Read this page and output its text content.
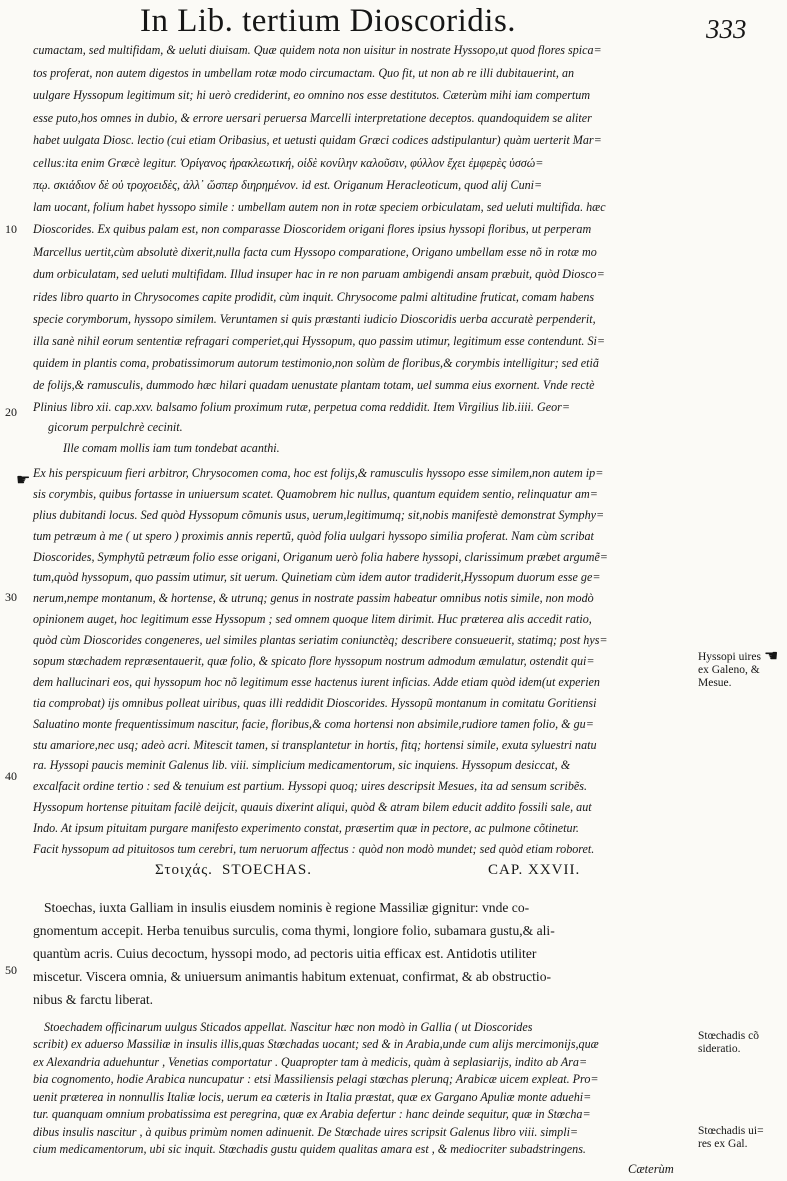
In Lib. tertium Dioscoridis.	333
cumactam, sed multifidam, & ueluti diuisam. Quæ quidem nota non uisitur in nostrate Hyssopo,ut quod flores spica=
tos proferat, non autem digestos in umbellam rotæ modo circumactam. Quo fit, ut non ab re illi dubitauerint, an
uulgare Hyssopum legitimum sit; hi uerò crediderint, eo omnino nos esse destitutos. Cæterùm mihi iam compertum
esse puto,hos omnes in dubio, & errore uersari peruersa Marcelli interpretatione deceptos. quandoquidem se aliter
habet uulgata Diosc. lectio (cui etiam Oribasius, et uetusti quidam Græci codices adstipulantur) quàm uerterit Mar=
cellus:ita enim Græcè legitur. Ὀρίγανος ἡρακλεωτική, οἱδὲ κονίλην καλοῦσιν, φύλλον ἔχει ἐμφερὲς ὑσσώ=
πῳ. σκιάδιον δὲ οὐ τροχοειδὲς, ἀλλ᾿ ὥσπερ διηρημένον. id est. Origanum Heracleoticum, quod alij Cuni=
lam uocant, folium habet hyssopo simile : umbellam autem non in rotæ speciem orbiculatam, sed ueluti multifida. hæc
Dioscorides. Ex quibus palam est, non comparasse Dioscoridem origani flores ipsius hyssopi floribus, ut perperam
Marcellus uertit,cùm absolutè dixerit,nulla facta cum Hyssopo comparatione, Origano umbellam esse nõ in rotæ mo
dum orbiculatam, sed ueluti multifidam. Illud insuper hac in re non paruam ambigendi ansam præbuit, quòd Diosco=
rides libro quarto in Chrysocomes capite prodidit, cùm inquit. Chrysocome palmi altitudine fruticat, comam habens
specie corymborum, hyssopo similem. Veruntamen si quis præstanti iudicio Dioscoridis uerba accuratè perpenderit,
illa sanè nihil eorum sententiæ refragari comperiet,qui Hyssopum, quo passim utimur, legitimum esse contendunt. Si=
quidem in plantis coma, probatissimorum autorum testimonio,non solùm de floribus,& corymbis intelligitur; sed etiã
de folijs,& ramusculis, dummodo hæc hilari quadam uenustate plantam totam, uel summa eius exornent. Vnde rectè
Plinius libro xii. cap.xxv. balsamo folium proximum rutæ, perpetua coma reddidit. Item Virgilius lib.iiii. Geor=
gicorum perpulchrè cecinit.
Ille comam mollis iam tum tondebat acanthi.
Ex his perspicuum fieri arbitror, Chrysocomen coma, hoc est folijs,& ramusculis hyssopo esse similem,non autem ip=
sis corymbis, quibus fortasse in uniuersum scatet. Quamobrem hic nullus, quantum equidem sentio, relinquatur am=
plius dubitandi locus. Sed quòd Hyssopum cõmunis usus, uerum,legitimumq; sit,nobis manifestè demonstrat Symphy=
tum petræum à me ( ut spero ) proximis annis repertũ, quòd folia uulgari hyssopo similia proferat. Nam cùm scribat
Dioscorides, Symphytũ petræum folio esse origani, Origanum uerò folia habere hyssopi, clarissimum præbet argumẽ=
tum,quòd hyssopum, quo passim utimur, sit uerum. Quinetiam cùm idem autor tradiderit,Hyssopum duorum esse ge=
nerum,nempe montanum, & hortense, & utrunq; genus in nostrate passim habeatur omnibus notis simile, non modò
opinionem auget, hoc legitimum esse Hyssopum ; sed omnem quoque litem dirimit. Huc præterea alis accedit ratio,
quòd cùm Dioscorides congeneres, uel similes plantas seriatim coniunctèq; describere consueuerit, statimq; post hys=
sopum stœchadem repræsentauerit, quæ folio, & spicato flore hyssopum nostrum admodum æmulatur, ostendit qui=
dem hallucinari eos, qui hyssopum hoc nõ legitimum esse hactenus iurent inficias. Adde etiam quòd idem(ut experien
tia comprobat) ijs omnibus polleat uiribus, quas illi reddidit Dioscorides. Hyssopũ montanum in comitatu Goritiensi
Saluatino monte frequentissimum nascitur, facie, floribus,& coma hortensi non absimile,rudiore tamen folio, & gu=
stu amariore,nec usq; adeò acri. Mitescit tamen, si transplantetur in hortis, fitq; hortensi simile, exuta syluestri natu
ra. Hyssopi paucis meminit Galenus lib. viii. simplicium medicamentorum, sic inquiens. Hyssopum desiccat, &
excalfacit ordine tertio : sed & tenuium est partium. Hyssopi quoq; uires descripsit Mesues, ita ad sensum scribẽs.
Hyssopum hortense pituitam facilè deijcit, quauis dixerint aliqui, quòd & atram bilem educit addito fossili sale, aut
Indo. At ipsum pituitam purgare manifesto experimento constat, præsertim quæ in pectore, ac pulmone cõtinetur.
Facit hyssopum ad pituitosos tum cerebri, tum neruorum affectus : quòd non modò mundet; sed quòd etiam roboret.
Στοιχάς. STOECHAS.	CAP. XXVII.
Stoechas, iuxta Galliam in insulis eiusdem nominis è regione Massiliæ gignitur: vnde co-
gnomentum accepit. Herba tenuibus surculis, coma thymi, longiore folio, subamara gustu,& ali-
quantùm acris. Cuius decoctum, hyssopi modo, ad pectoris uitia efficax est. Antidotis utiliter
miscetur. Viscera omnia, & uniuersum animantis habitum extenuat, confirmat, & ab obstructio-
nibus & farctu liberat.
Stoechadem officinarum uulgus Sticados appellat. Nascitur hæc non modò in Gallia ( ut Dioscorides
scribit) ex aduerso Massiliæ in insulis illis,quas Stœchadas uocant; sed & in Arabia,unde cum alijs mercimonijs,quæ
ex Alexandria aduehuntur , Venetias comportatur . Quapropter tam à medicis, quàm à seplasiarijs, indito ab Ara=
bia cognomento, hodie Arabica nuncupatur : etsi Massiliensis pelagi stœchas plerunq; Arabicæ uicem expleat. Pro=
uenit præterea in nonnullis Italiæ locis, uerum ea cæteris in Italia præstat, quæ ex Gargano Apuliæ monte aduehi=
tur. quanquam omnium probatissima est peregrina, quæ ex Arabia defertur : hanc deinde sequitur, quæ in Stœcha=
dibus insulis nascitur , à quibus primùm nomen adinuenit. De Stœchade uires scripsit Galenus libro viii. simpli=
cium medicamentorum, ubi sic inquit. Stœchadis gustu quidem qualitas amara est , & mediocriter subadstringens.
Cæterùm
10
20
30
40
50
☛
☚
Hyssopi uires
ex Galeno, &
Mesue.
Stœchadis cõ
sideratio.
Stœchadis ui=
res ex Gal.
